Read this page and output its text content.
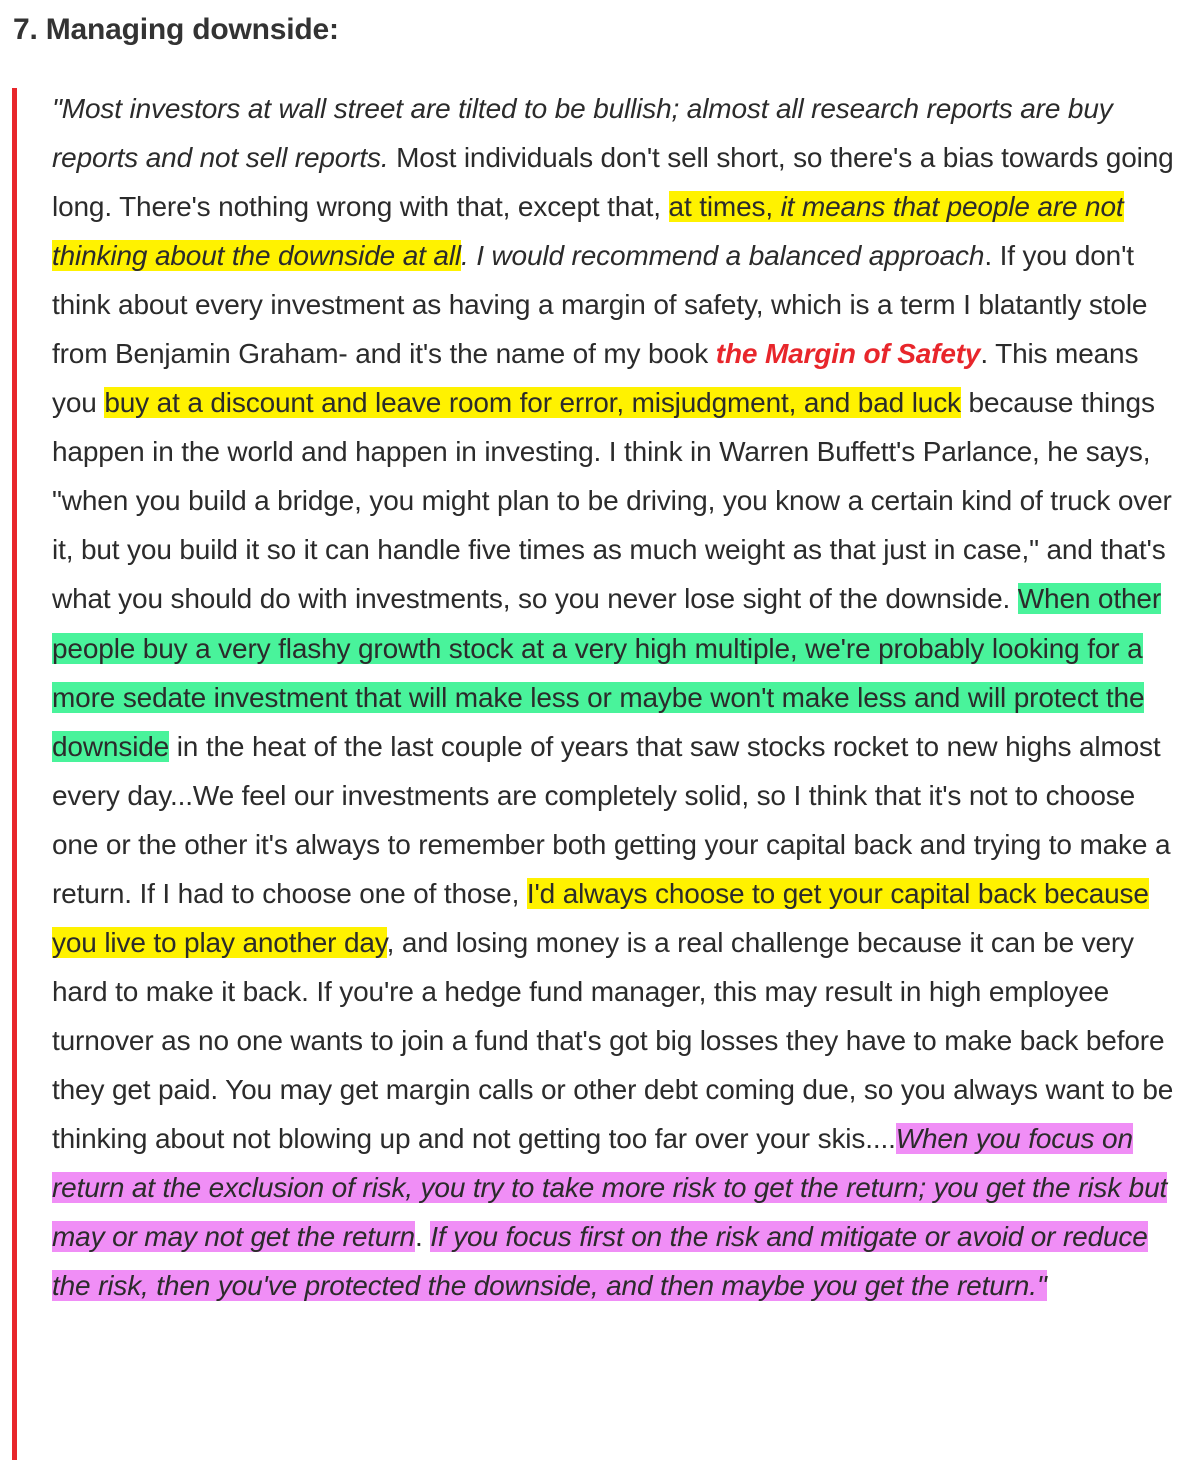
7. Managing downside:

"Most investors at wall street are tilted to be bullish; almost all research reports are buy reports and not sell reports. Most individuals don't sell short, so there's a bias towards going long. There's nothing wrong with that, except that, at times, it means that people are not thinking about the downside at all. I would recommend a balanced approach. If you don't think about every investment as having a margin of safety, which is a term I blatantly stole from Benjamin Graham- and it's the name of my book the Margin of Safety. This means you buy at a discount and leave room for error, misjudgment, and bad luck because things happen in the world and happen in investing. I think in Warren Buffett's Parlance, he says, "when you build a bridge, you might plan to be driving, you know a certain kind of truck over it, but you build it so it can handle five times as much weight as that just in case," and that's what you should do with investments, so you never lose sight of the downside. When other people buy a very flashy growth stock at a very high multiple, we're probably looking for a more sedate investment that will make less or maybe won't make less and will protect the downside in the heat of the last couple of years that saw stocks rocket to new highs almost every day...We feel our investments are completely solid, so I think that it's not to choose one or the other it's always to remember both getting your capital back and trying to make a return. If I had to choose one of those, I'd always choose to get your capital back because you live to play another day, and losing money is a real challenge because it can be very hard to make it back. If you're a hedge fund manager, this may result in high employee turnover as no one wants to join a fund that's got big losses they have to make back before they get paid. You may get margin calls or other debt coming due, so you always want to be thinking about not blowing up and not getting too far over your skis....When you focus on return at the exclusion of risk, you try to take more risk to get the return; you get the risk but may or may not get the return. If you focus first on the risk and mitigate or avoid or reduce the risk, then you've protected the downside, and then maybe you get the return."
